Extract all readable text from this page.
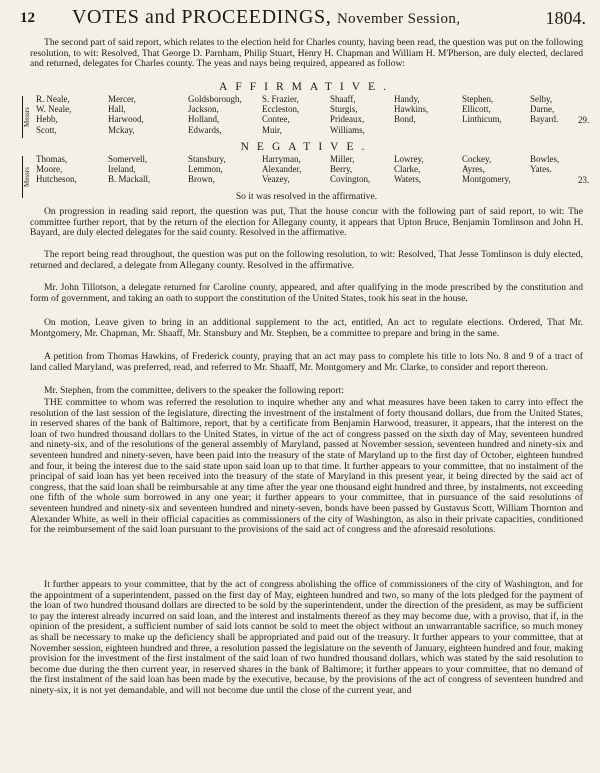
12 VOTES and PROCEEDINGS, November Session,	1804.

The second part of said report, which relates to the election held for Charles county, having been read, the question was put on the following resolution, to wit: Resolved, That George D. Parnham, Philip Stuart, Henry H. Chapman and William H. M'Pherson, are duly elected, declared and returned, delegates for Charles county. The yeas and nays being required, appeared as follow:

AFFIRMATIVE.
Messrs
R. Neale,
W. Neale,
Hebb,
Scott,
Mercer,
Hall,
Harwood,
Mckay,
Goldsborough,
Jackson,
Holland,
Edwards,
S. Frazier,
Eccleston,
Contee,
Muir,
Shaaff,
Sturgis,
Prideaux,
Williams,
Handy,
Hawkins,
Bond,
Stephen,
Ellicott,
Linthicum,
Selby,
Darne,
Bayard. 29.
NEGATIVE.
Messrs
Thomas,
Moore,
Hutcheson,
Somervell,
Ireland,
B. Mackall,
Stansbury,
Lemmon,
Brown,
Harryman,
Alexander,
Veazey,
Miller,
Berry,
Covington,
Lowrey,
Clarke,
Waters,
Cockey,
Ayres,
Montgomery,
Bowles,
Yates.
23.
So it was resolved in the affirmative.

On progression in reading said report, the question was put, That the house concur with the following part of said report, to wit: The committee further report, that by the return of the election for Allegany county, it appears that Upton Bruce, Benjamin Tomlinson and John H. Bayard, are duly elected delegates for the said county. Resolved in the affirmative.

The report being read throughout, the question was put on the following resolution, to wit: Resolved, That Jesse Tomlinson is duly elected, returned and declared, a delegate from Allegany county. Resolved in the affirmative.

Mr. John Tillotson, a delegate returned for Caroline county, appeared, and after qualifying in the mode prescribed by the constitution and form of government, and taking an oath to support the constitution of the United States, took his seat in the house.

On motion, Leave given to bring in an additional supplement to the act, entitled, An act to regulate elections. Ordered, That Mr. Montgomery, Mr. Chapman, Mr. Shaaff, Mr. Stansbury and Mr. Stephen, be a committee to prepare and bring in the same.

A petition from Thomas Hawkins, of Frederick county, praying that an act may pass to complete his title to lots No. 8 and 9 of a tract of land called Maryland, was preferred, read, and referred to Mr. Shaaff, Mr. Montgomery and Mr. Clarke, to consider and report thereon.

Mr. Stephen, from the committee, delivers to the speaker the following report:

THE committee to whom was referred the resolution to inquire whether any and what measures have been taken to carry into effect the resolution of the last session of the legislature, directing the investment of the instalment of forty thousand dollars, due from the United States, in reserved shares of the bank of Baltimore, report, that by a certificate from Benjamin Harwood, treasurer, it appears, that the interest on the loan of two hundred thousand dollars to the United States, in virtue of the act of congress passed on the sixth day of May, seventeen hundred and ninety-six, and of the resolutions of the general assembly of Maryland, passed at November session, seventeen hundred and ninety-six and seventeen hundred and ninety-seven, have been paid into the treasury of the state of Maryland up to the first day of October, eighteen hundred and four, it being the interest due to the said state upon said loan up to that time. It further appears to your committee, that no instalment of the principal of said loan has yet been received into the treasury of the state of Maryland in this present year, it being directed by the said act of congress, that the said loan shall be reimbursable at any time after the year one thousand eight hundred and three, by instalments, not exceeding one fifth of the whole sum borrowed in any one year; it further appears to your committee, that in pursuance of the said resolutions of seventeen hundred and ninety-six and seventeen hundred and ninety-seven, bonds have been passed by Gustavus Scott, William Thornton and Alexander White, as well in their official capacities as commissioners of the city of Washington, as also in their private capacities, conditioned for the reimbursement of the said loan pursuant to the provisions of the said act of congress and the aforesaid resolutions.

It further appears to your committee, that by the act of congress abolishing the office of commissioners of the city of Washington, and for the appointment of a superintendent, passed on the first day of May, eighteen hundred and two, so many of the lots pledged for the payment of the loan of two hundred thousand dollars are directed to be sold by the superintendent, under the direction of the president, as may be sufficient to pay the interest already incurred on said loan, and the interest and instalments thereof as they may become due, with a proviso, that if, in the opinion of the president, a sufficient number of said lots cannot be sold to meet the object without an unwarrantable sacrifice, so much money as shall be necessary to make up the deficiency shall be appropriated and paid out of the treasury. It further appears to your committee, that at November session, eighteen hundred and three, a resolution passed the legislature on the seventh of January, eighteen hundred and four, making provision for the investment of the first instalment of the said loan of two hundred thousand dollars, which was stated by the said resolution to become due during the then current year, in reserved shares in the bank of Baltimore; it further appears to your committee, that no demand of the first instalment of the said loan has been made by the executive, because, by the provisions of the act of congress of seventeen hundred and ninety-six, it is not yet demandable, and will not become due until the close of the current year, and
